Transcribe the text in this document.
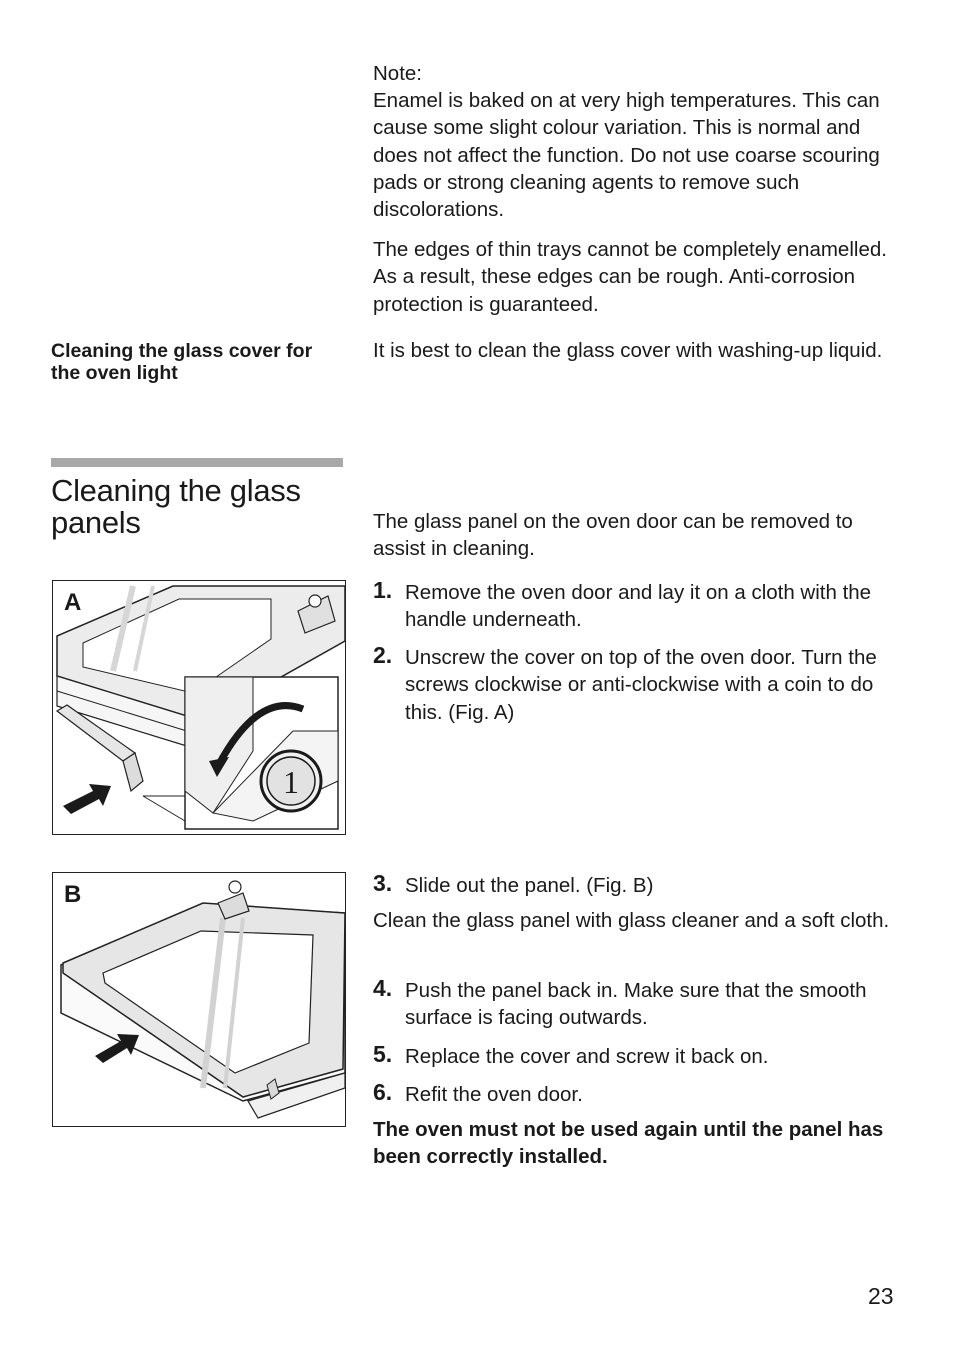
Note:
Enamel is baked on at very high temperatures. This can cause some slight colour variation. This is normal and does not affect the function. Do not use coarse scouring pads or strong cleaning agents to remove such discolorations.
The edges of thin trays cannot be completely enamelled. As a result, these edges can be rough. Anti-corrosion protection is guaranteed.
Cleaning the glass cover for the oven light
It is best to clean the glass cover with washing-up liquid.
Cleaning the glass panels	The glass panel on the oven door can be removed to assist in cleaning.
1. Remove the oven door and lay it on a cloth with the handle underneath.
2. Unscrew the cover on top of the oven door. Turn the screws clockwise or anti-clockwise with a coin to do this. (Fig. A)
A
1
B	3. Slide out the panel. (Fig. B)
Clean the glass panel with glass cleaner and a soft cloth.
4. Push the panel back in. Make sure that the smooth surface is facing outwards.
5. Replace the cover and screw it back on.
6. Refit the oven door.
The oven must not be used again until the panel has been correctly installed.
23
